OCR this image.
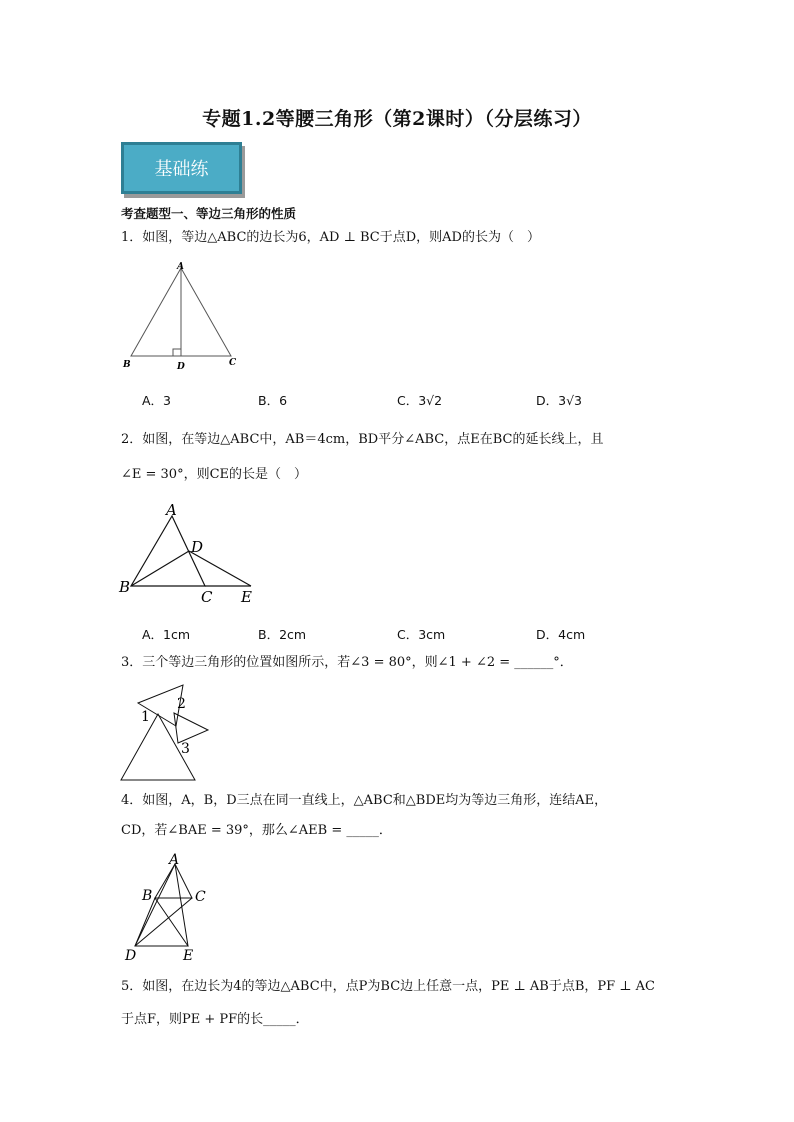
专题1.2等腰三角形（第2课时）（分层练习）
基础练
考查题型一、等边三角形的性质
1．如图，等边△ABC的边长为6，AD ⊥ BC于点D，则AD的长为（　）
A
B	C
D
A．3	B．6	C．3√2	D．3√3
2．如图，在等边△ABC中，AB＝4cm，BD平分∠ABC，点E在BC的延长线上，且
∠E = 30°，则CE的长是（　）
A
D
B
C E
A．1cm	B．2cm	C．3cm	D．4cm
3．三个等边三角形的位置如图所示，若∠3 = 80°，则∠1 + ∠2 = ______°．
1
2
3
4．如图，A，B，D三点在同一直线上，△ABC和△BDE均为等边三角形，连结AE，
CD，若∠BAE = 39°，那么∠AEB = _____．
A
B	C
D	E
5．如图，在边长为4的等边△ABC中，点P为BC边上任意一点，PE ⊥ AB于点B，PF ⊥ AC
于点F，则PE + PF的长_____．
